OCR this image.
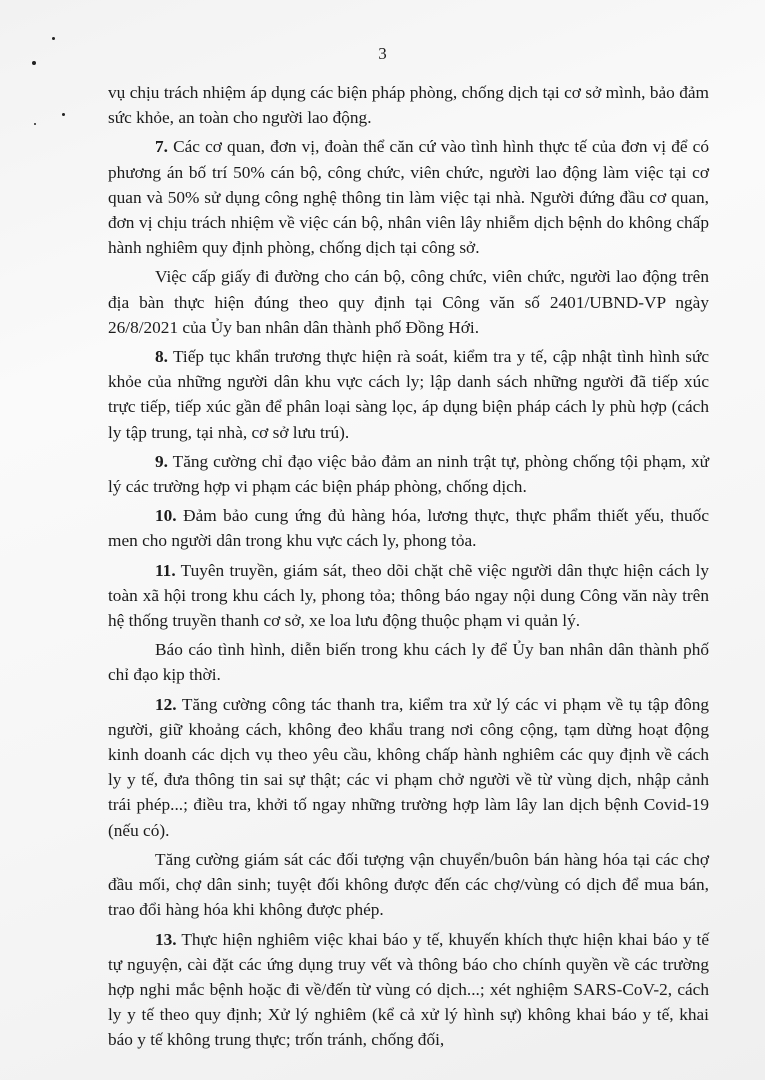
3

vụ chịu trách nhiệm áp dụng các biện pháp phòng, chống dịch tại cơ sở mình, bảo đảm sức khỏe, an toàn cho người lao động.

7. Các cơ quan, đơn vị, đoàn thể căn cứ vào tình hình thực tế của đơn vị để có phương án bố trí 50% cán bộ, công chức, viên chức, người lao động làm việc tại cơ quan và 50% sử dụng công nghệ thông tin làm việc tại nhà. Người đứng đầu cơ quan, đơn vị chịu trách nhiệm về việc cán bộ, nhân viên lây nhiễm dịch bệnh do không chấp hành nghiêm quy định phòng, chống dịch tại công sở.

Việc cấp giấy đi đường cho cán bộ, công chức, viên chức, người lao động trên địa bàn thực hiện đúng theo quy định tại Công văn số 2401/UBND-VP ngày 26/8/2021 của Ủy ban nhân dân thành phố Đồng Hới.

8. Tiếp tục khẩn trương thực hiện rà soát, kiểm tra y tế, cập nhật tình hình sức khỏe của những người dân khu vực cách ly; lập danh sách những người đã tiếp xúc trực tiếp, tiếp xúc gần để phân loại sàng lọc, áp dụng biện pháp cách ly phù hợp (cách ly tập trung, tại nhà, cơ sở lưu trú).

9. Tăng cường chỉ đạo việc bảo đảm an ninh trật tự, phòng chống tội phạm, xử lý các trường hợp vi phạm các biện pháp phòng, chống dịch.

10. Đảm bảo cung ứng đủ hàng hóa, lương thực, thực phẩm thiết yếu, thuốc men cho người dân trong khu vực cách ly, phong tỏa.

11. Tuyên truyền, giám sát, theo dõi chặt chẽ việc người dân thực hiện cách ly toàn xã hội trong khu cách ly, phong tỏa; thông báo ngay nội dung Công văn này trên hệ thống truyền thanh cơ sở, xe loa lưu động thuộc phạm vi quản lý.

Báo cáo tình hình, diễn biến trong khu cách ly để Ủy ban nhân dân thành phố chỉ đạo kịp thời.

12. Tăng cường công tác thanh tra, kiểm tra xử lý các vi phạm về tụ tập đông người, giữ khoảng cách, không đeo khẩu trang nơi công cộng, tạm dừng hoạt động kinh doanh các dịch vụ theo yêu cầu, không chấp hành nghiêm các quy định về cách ly y tế, đưa thông tin sai sự thật; các vi phạm chở người về từ vùng dịch, nhập cảnh trái phép...; điều tra, khởi tố ngay những trường hợp làm lây lan dịch bệnh Covid-19 (nếu có).

Tăng cường giám sát các đối tượng vận chuyển/buôn bán hàng hóa tại các chợ đầu mối, chợ dân sinh; tuyệt đối không được đến các chợ/vùng có dịch để mua bán, trao đổi hàng hóa khi không được phép.

13. Thực hiện nghiêm việc khai báo y tế, khuyến khích thực hiện khai báo y tế tự nguyện, cài đặt các ứng dụng truy vết và thông báo cho chính quyền về các trường hợp nghi mắc bệnh hoặc đi về/đến từ vùng có dịch...; xét nghiệm SARS-CoV-2, cách ly y tế theo quy định; Xử lý nghiêm (kể cả xử lý hình sự) không khai báo y tế, khai báo y tế không trung thực; trốn tránh, chống đối,
